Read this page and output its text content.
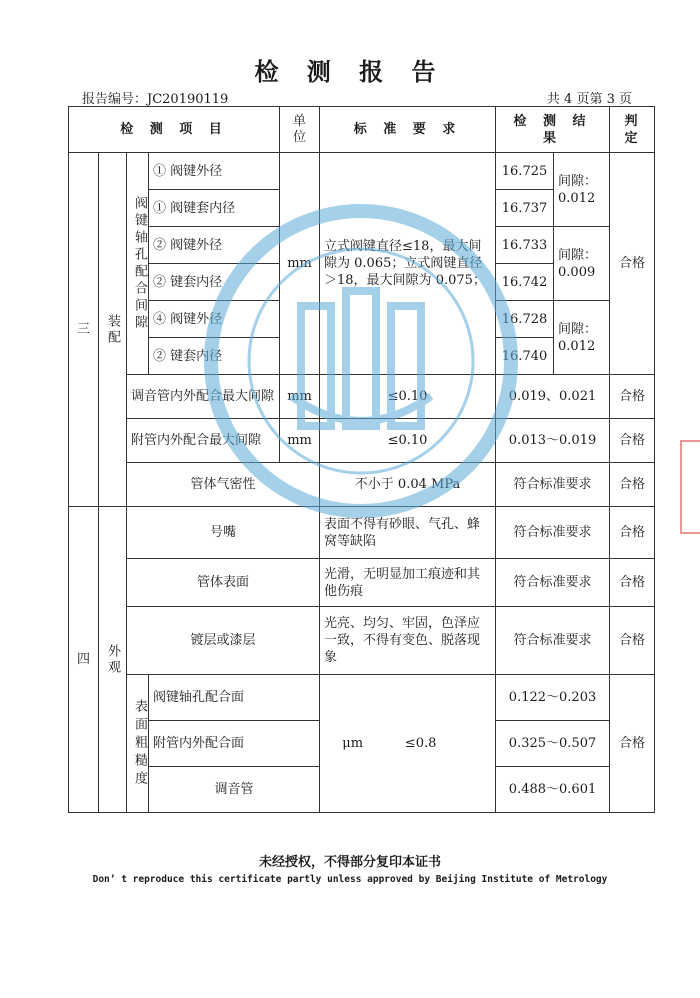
检 测 报 告
报告编号：JC20190119	共 4 页第 3 页
检 测 项 目				单位	标 准 要 求	检 测 结 果		判 定
三	装配	阀键轴孔配合间隙	① 阀键外径	mm	立式阀键直径≤18，最大间隙为 0.065；立式阀键直径＞18，最大间隙为 0.075；	16.725	间隙：0.012	合格
			① 阀键套内径			16.737		
			② 阀键外径			16.733	间隙：0.009	
			② 键套内径			16.742		
			④ 阀键外径			16.728	间隙：0.012	
			② 键套内径			16.740		
		调音管内外配合最大间隙		mm	≤0.10	0.019、0.021		合格
		附管内外配合最大间隙		mm	≤0.10	0.013～0.019		合格
		管体气密性			不小于 0.04 MPa	符合标准要求		合格
四	外观	号嘴			表面不得有砂眼、气孔、蜂窝等缺陷	符合标准要求		合格
		管体表面			光滑，无明显加工痕迹和其他伤痕	符合标准要求		合格
		镀层或漆层			光亮、均匀、牢固，色泽应一致，不得有变色、脱落现象	符合标准要求		合格

		表面粗糙度	阀键轴孔配合面		μm ≤0.8	0.122～0.203		合格
			附管内外配合面			0.325～0.507		
			调音管			0.488～0.601		
未经授权，不得部分复印本证书
Don’ t reproduce this certificate partly unless approved by Beijing Institute of Metrology
